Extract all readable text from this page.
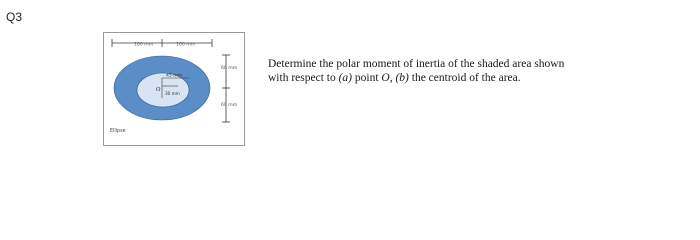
Q3
100 mm	100 mm
45 mm
30 mm
O
60 mm
60 mm
Ellipse
Determine the polar moment of inertia of the shaded area shown
with respect to (a) point O, (b) the centroid of the area.
